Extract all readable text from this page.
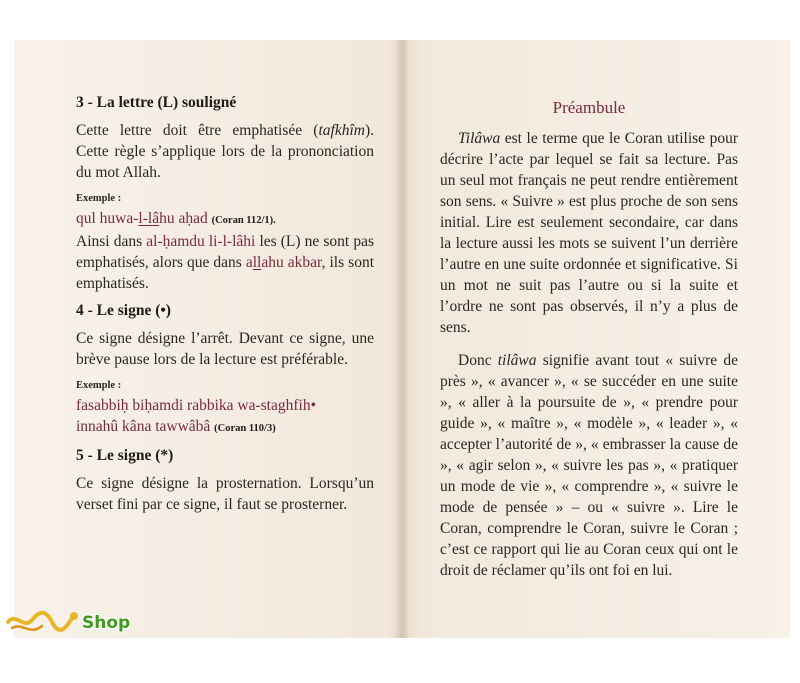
3 - La lettre (L) souligné

Cette lettre doit être emphatisée (tafkhîm). Cette règle s’applique lors de la prononciation du mot Allah.

Exemple :
qul huwa-l-lâhu aḥad (Coran 112/1).

Ainsi dans al-ḥamdu li-l-lâhi les (L) ne sont pas emphatisés, alors que dans allahu akbar, ils sont emphatisés.

4 - Le signe (•)

Ce signe désigne l’arrêt. Devant ce signe, une brève pause lors de la lecture est préférable.

Exemple :
fasabbiḥ biḥamdi rabbika wa-staghfih•
innahû kâna tawwâbâ (Coran 110/3)
5 - Le signe (*)

Ce signe désigne la prosternation. Lorsqu’un verset fini par ce signe, il faut se prosterner.

Préambule

Tilâwa est le terme que le Coran utilise pour décrire l’acte par lequel se fait sa lecture. Pas un seul mot français ne peut rendre entièrement son sens. « Suivre » est plus proche de son sens initial. Lire est seulement secondaire, car dans la lecture aussi les mots se suivent l’un derrière l’autre en une suite ordonnée et significative. Si un mot ne suit pas l’autre ou si la suite et l’ordre ne sont pas observés, il n’y a plus de sens.

Donc tilâwa signifie avant tout « suivre de près », « avancer », « se succéder en une suite », « aller à la poursuite de », « prendre pour guide », « maître », « modèle », « leader », « accepter l’autorité de », « embrasser la cause de », « agir selon », « suivre les pas », « pratiquer un mode de vie », « comprendre », « suivre le mode de pensée » – ou « suivre ». Lire le Coran, comprendre le Coran, suivre le Coran ; c’est ce rapport qui lie au Coran ceux qui ont le droit de réclamer qu’ils ont foi en lui.

Shop
